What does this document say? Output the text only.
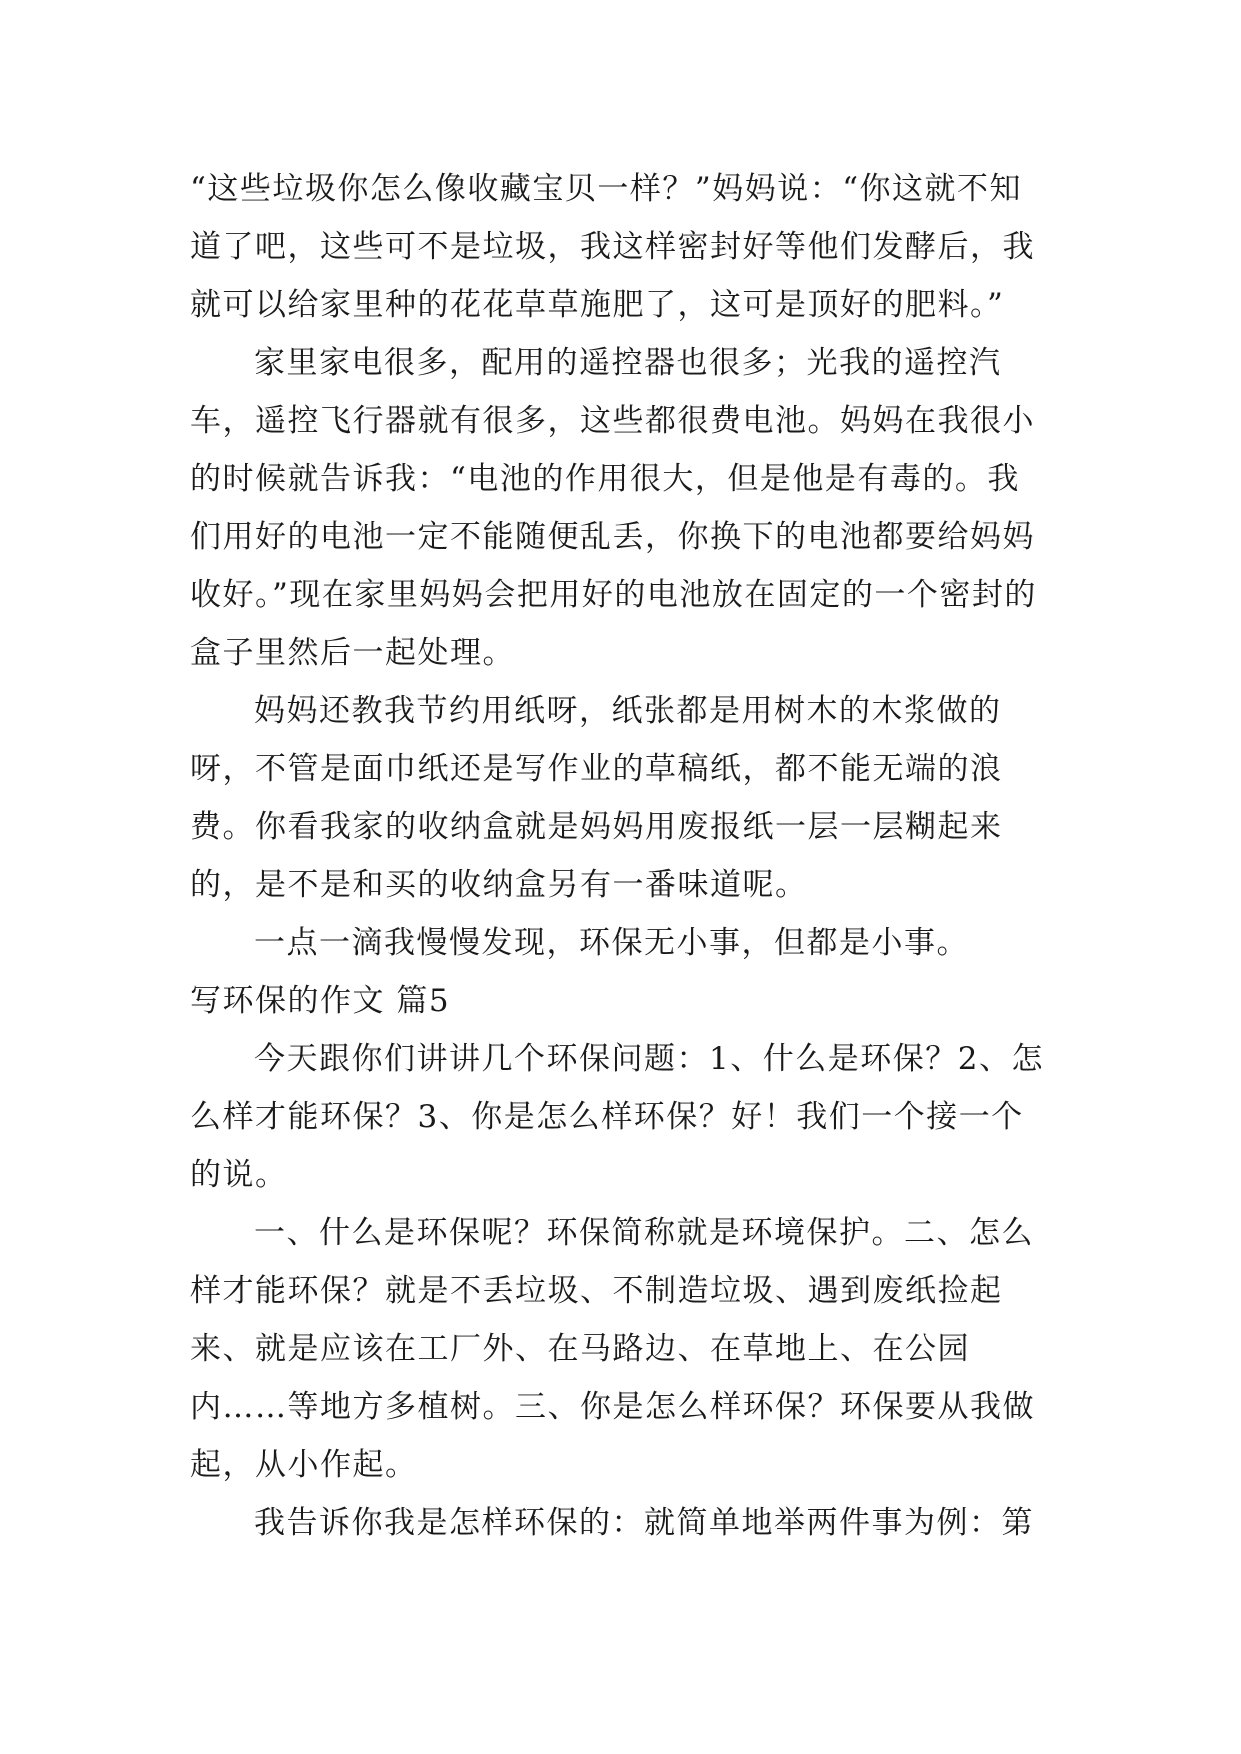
“这些垃圾你怎么像收藏宝贝一样？”妈妈说：“你这就不知道了吧，这些可不是垃圾，我这样密封好等他们发酵后，我就可以给家里种的花花草草施肥了，这可是顶好的肥料。”

家里家电很多，配用的遥控器也很多；光我的遥控汽车，遥控飞行器就有很多，这些都很费电池。妈妈在我很小的时候就告诉我：“电池的作用很大，但是他是有毒的。我们用好的电池一定不能随便乱丢，你换下的电池都要给妈妈收好。”现在家里妈妈会把用好的电池放在固定的一个密封的盒子里然后一起处理。

妈妈还教我节约用纸呀，纸张都是用树木的木浆做的呀，不管是面巾纸还是写作业的草稿纸，都不能无端的浪费。你看我家的收纳盒就是妈妈用废报纸一层一层糊起来的，是不是和买的收纳盒另有一番味道呢。

一点一滴我慢慢发现，环保无小事，但都是小事。

写环保的作文 篇5

今天跟你们讲讲几个环保问题：1、什么是环保？2、怎么样才能环保？3、你是怎么样环保？好！我们一个接一个的说。

一、什么是环保呢？环保简称就是环境保护。二、怎么样才能环保？就是不丢垃圾、不制造垃圾、遇到废纸捡起来、就是应该在工厂外、在马路边、在草地上、在公园内……等地方多植树。三、你是怎么样环保？环保要从我做起，从小作起。

我告诉你我是怎样环保的：就简单地举两件事为例：第
